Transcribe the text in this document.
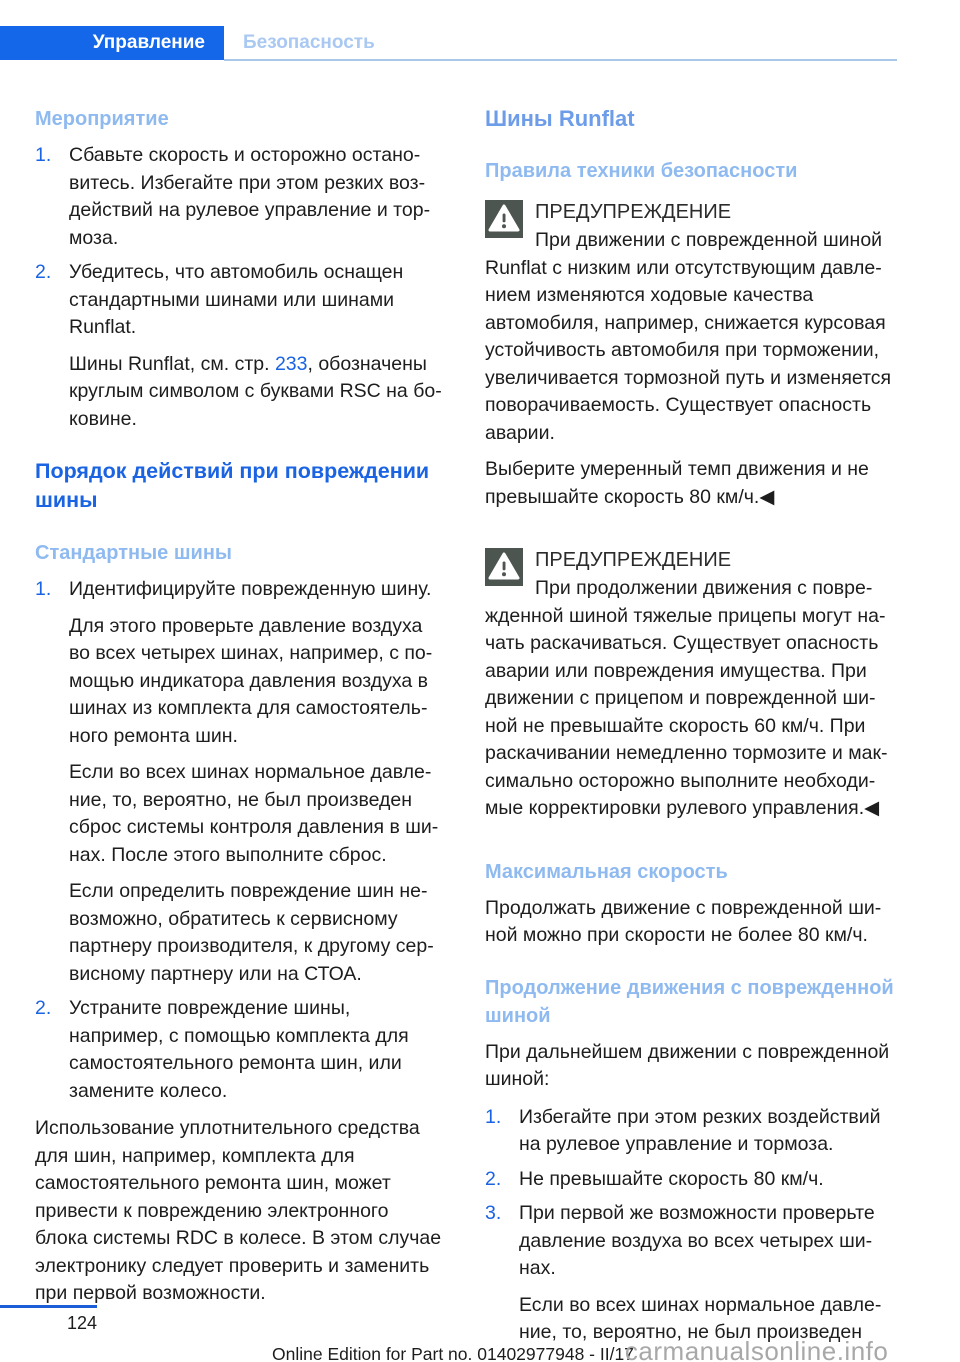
Управление	Безопасность
Мероприятие
1. Сбавьте скорость и осторожно остановитесь. Избегайте при этом резких воздействий на рулевое управление и тормоза.

2. Убедитесь, что автомобиль оснащен стандартными шинами или шинами Runflat.

Шины Runflat, см. стр. 233, обозначены круглым символом с буквами RSC на боковине.

Порядок действий при повреждении шины
Стандартные шины
1. Идентифицируйте поврежденную шину.

Для этого проверьте давление воздуха во всех четырех шинах, например, с помощью индикатора давления воздуха в шинах из комплекта для самостоятельного ремонта шин.

Если во всех шинах нормальное давление, то, вероятно, не был произведен сброс системы контроля давления в шинах. После этого выполните сброс.

Если определить повреждение шин невозможно, обратитесь к сервисному партнеру производителя, к другому сервисному партнеру или на СТОА.

2. Устраните повреждение шины, например, с помощью комплекта для самостоятельного ремонта шин, или замените колесо.

Использование уплотнительного средства для шин, например, комплекта для самостоятельного ремонта шин, может привести к повреждению электронного блока системы RDC в колесе. В этом случае электронику следует проверить и заменить при первой возможности.

Шины Runflat
Правила техники безопасности

ПРЕДУПРЕЖДЕНИЕ

При движении с поврежденной шиной Runflat с низким или отсутствующим давлением изменяются ходовые качества автомобиля, например, снижается курсовая устойчивость автомобиля при торможении, увеличивается тормозной путь и изменяется поворачиваемость. Существует опасность аварии.

Выберите умеренный темп движения и не превышайте скорость 80 км/ч.◀

ПРЕДУПРЕЖДЕНИЕ

При продолжении движения с поврежденной шиной тяжелые прицепы могут начать раскачиваться. Существует опасность аварии или повреждения имущества. При движении с прицепом и поврежденной шиной не превышайте скорость 60 км/ч. При раскачивании немедленно тормозите и максимально осторожно выполните необходимые корректировки рулевого управления.◀

Максимальная скорость

Продолжать движение с поврежденной шиной можно при скорости не более 80 км/ч.

Продолжение движения с поврежденной шиной

При дальнейшем движении с поврежденной шиной:

1. Избегайте при этом резких воздействий на рулевое управление и тормоза.

2. Не превышайте скорость 80 км/ч.

3. При первой же возможности проверьте давление воздуха во всех четырех шинах.

Если во всех шинах нормальное давление, то, вероятно, не был произведен

124
Online Edition for Part no. 01402977948 - II/17
carmanualsonline.info
